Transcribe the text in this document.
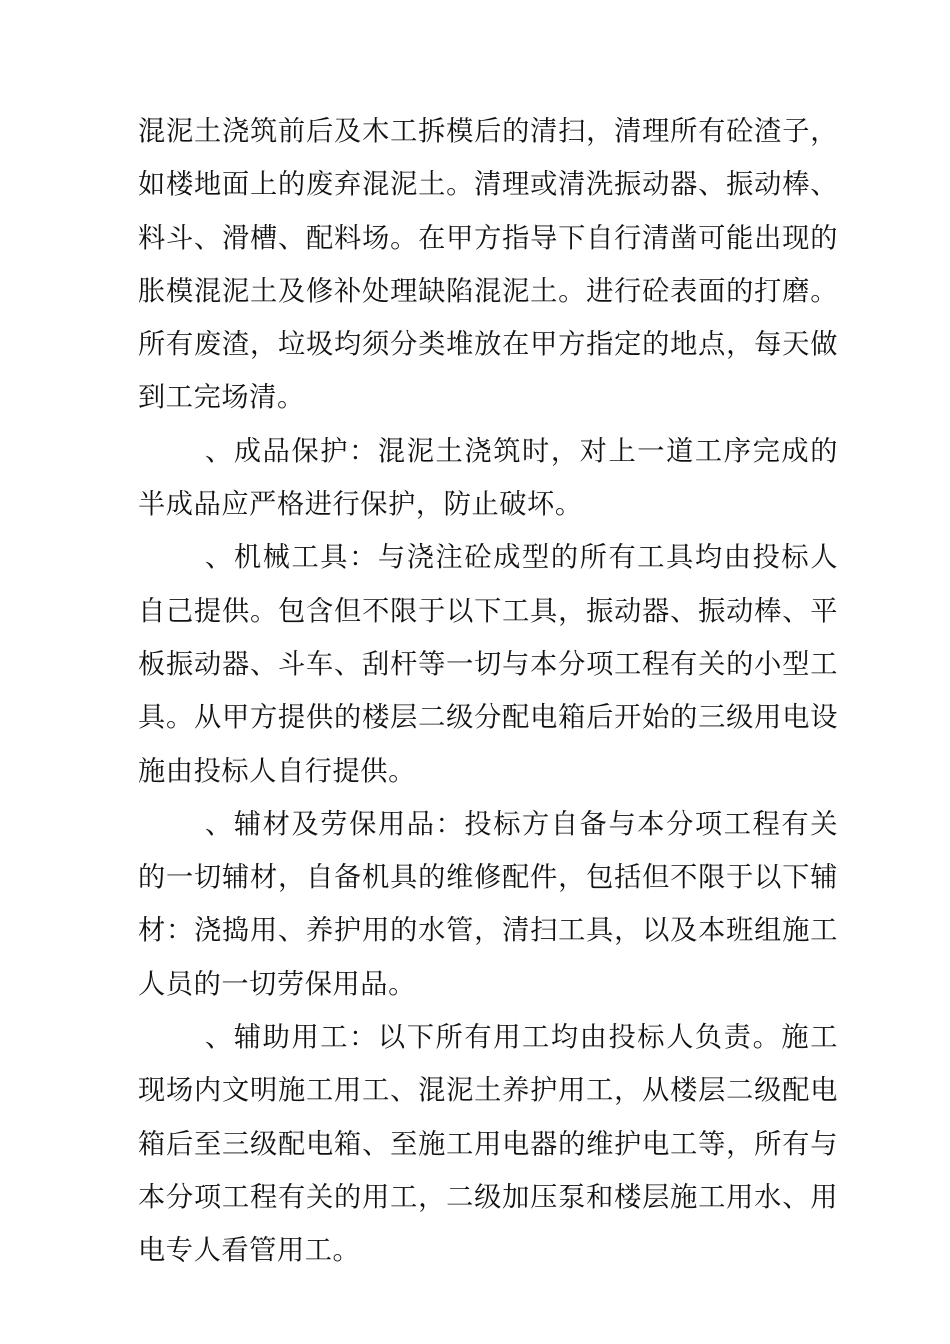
混泥土浇筑前后及木工拆模后的清扫，清理所有砼渣子，如楼地面上的废弃混泥土。清理或清洗振动器、振动棒、料斗、滑槽、配料场。在甲方指导下自行清凿可能出现的胀模混泥土及修补处理缺陷混泥土。进行砼表面的打磨。所有废渣，垃圾均须分类堆放在甲方指定的地点，每天做到工完场清。

、成品保护：混泥土浇筑时，对上一道工序完成的半成品应严格进行保护，防止破坏。

、机械工具：与浇注砼成型的所有工具均由投标人自己提供。包含但不限于以下工具，振动器、振动棒、平板振动器、斗车、刮杆等一切与本分项工程有关的小型工具。从甲方提供的楼层二级分配电箱后开始的三级用电设施由投标人自行提供。

、辅材及劳保用品：投标方自备与本分项工程有关的一切辅材，自备机具的维修配件，包括但不限于以下辅材：浇捣用、养护用的水管，清扫工具，以及本班组施工人员的一切劳保用品。

、辅助用工：以下所有用工均由投标人负责。施工现场内文明施工用工、混泥土养护用工，从楼层二级配电箱后至三级配电箱、至施工用电器的维护电工等，所有与本分项工程有关的用工，二级加压泵和楼层施工用水、用电专人看管用工。
